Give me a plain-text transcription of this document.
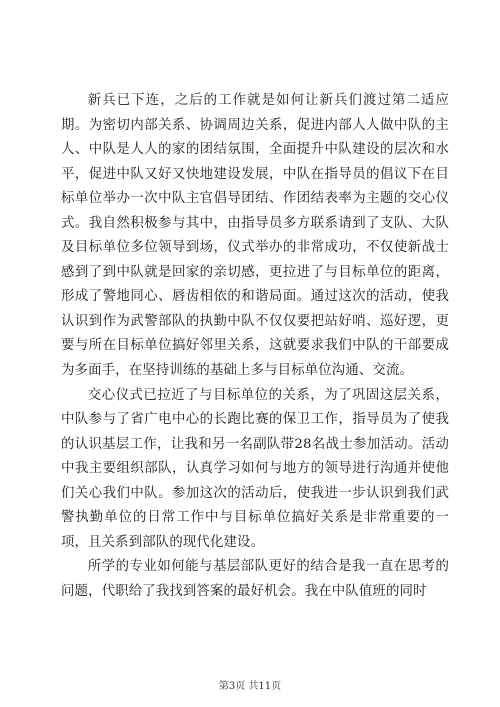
新兵已下连，之后的工作就是如何让新兵们渡过第二适应期。为密切内部关系、协调周边关系，促进内部人人做中队的主人、中队是人人的家的团结氛围，全面提升中队建设的层次和水平，促进中队又好又快地建设发展，中队在指导员的倡议下在目标单位举办一次中队主官倡导团结、作团结表率为主题的交心仪式。我自然积极参与其中，由指导员多方联系请到了支队、大队及目标单位多位领导到场，仪式举办的非常成功，不仅使新战士感到了到中队就是回家的亲切感，更拉进了与目标单位的距离，形成了警地同心、唇齿相依的和谐局面。通过这次的活动，使我认识到作为武警部队的执勤中队不仅仅要把站好哨、巡好逻，更要与所在目标单位搞好邻里关系，这就要求我们中队的干部要成为多面手，在坚持训练的基础上多与目标单位沟通、交流。

交心仪式已拉近了与目标单位的关系，为了巩固这层关系，中队参与了省广电中心的长跑比赛的保卫工作，指导员为了使我的认识基层工作，让我和另一名副队带28名战士参加活动。活动中我主要组织部队，认真学习如何与地方的领导进行沟通并使他们关心我们中队。参加这次的活动后，使我进一步认识到我们武警执勤单位的日常工作中与目标单位搞好关系是非常重要的一项，且关系到部队的现代化建设。

所学的专业如何能与基层部队更好的结合是我一直在思考的问题，代职给了我找到答案的最好机会。我在中队值班的同时

第3页 共11页
